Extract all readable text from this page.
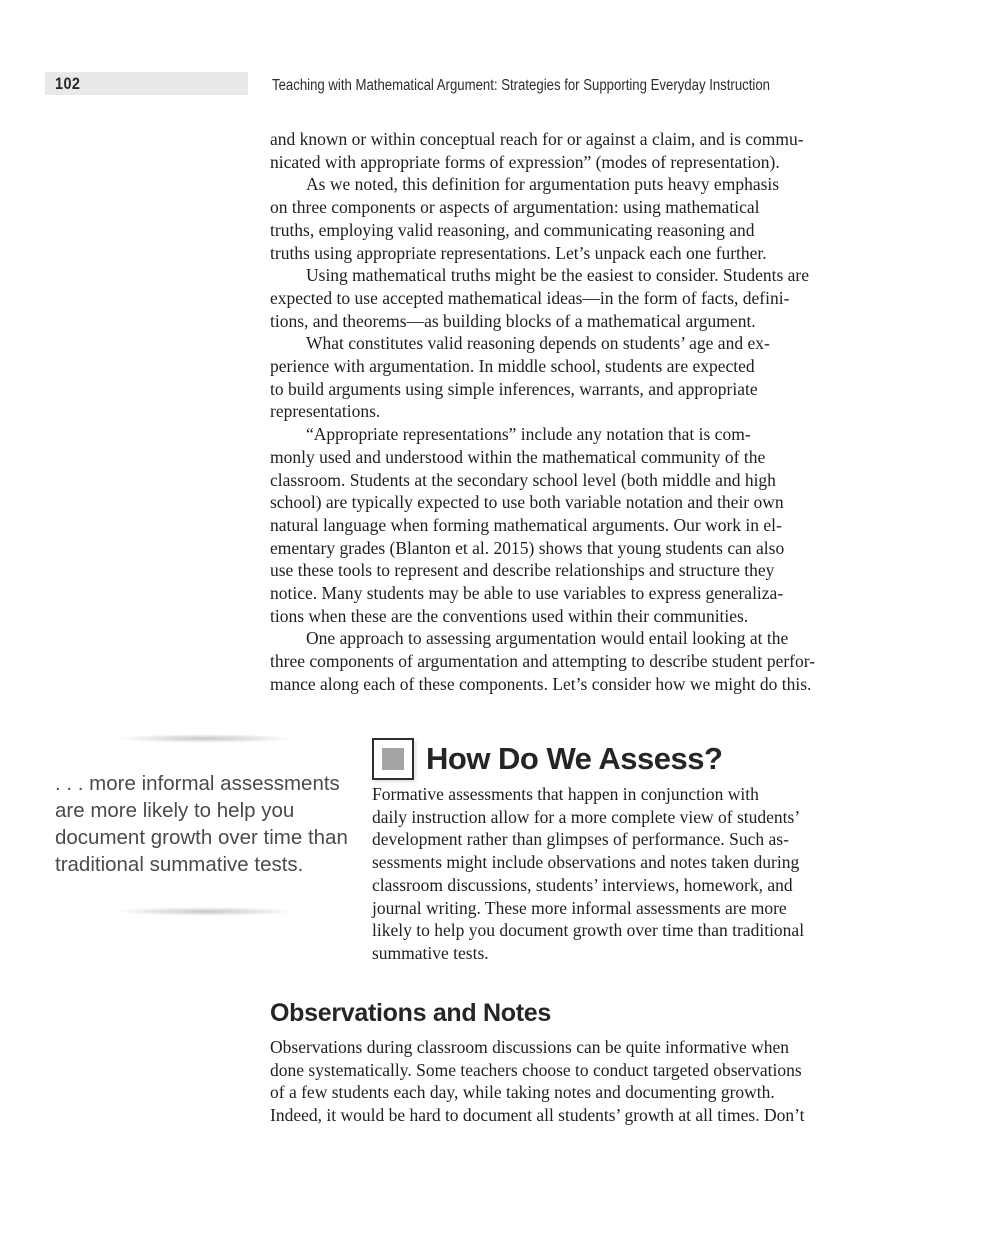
102	Teaching with Mathematical Argument: Strategies for Supporting Everyday Instruction

and known or within conceptual reach for or against a claim, and is commu-
nicated with appropriate forms of expression” (modes of representation).

As we noted, this definition for argumentation puts heavy emphasis
on three components or aspects of argumentation: using mathematical
truths, employing valid reasoning, and communicating reasoning and
truths using appropriate representations. Let’s unpack each one further.

Using mathematical truths might be the easiest to consider. Students are
expected to use accepted mathematical ideas—in the form of facts, defini-
tions, and theorems—as building blocks of a mathematical argument.

What constitutes valid reasoning depends on students’ age and ex-
perience with argumentation. In middle school, students are expected
to build arguments using simple inferences, warrants, and appropriate
representations.

“Appropriate representations” include any notation that is com-
monly used and understood within the mathematical community of the
classroom. Students at the secondary school level (both middle and high
school) are typically expected to use both variable notation and their own
natural language when forming mathematical arguments. Our work in el-
ementary grades (Blanton et al. 2015) shows that young students can also
use these tools to represent and describe relationships and structure they
notice. Many students may be able to use variables to express generaliza-
tions when these are the conventions used within their communities.

One approach to assessing argumentation would entail looking at the
three components of argumentation and attempting to describe student perfor-
mance along each of these components. Let’s consider how we might do this.

. . . more informal assessments
are more likely to help you
document growth over time than
traditional summative tests.
How Do We Assess?

Formative assessments that happen in conjunction with
daily instruction allow for a more complete view of students’
development rather than glimpses of performance. Such as-
sessments might include observations and notes taken during
classroom discussions, students’ interviews, homework, and
journal writing. These more informal assessments are more
likely to help you document growth over time than traditional
summative tests.

Observations and Notes

Observations during classroom discussions can be quite informative when
done systematically. Some teachers choose to conduct targeted observations
of a few students each day, while taking notes and documenting growth.
Indeed, it would be hard to document all students’ growth at all times. Don’t
